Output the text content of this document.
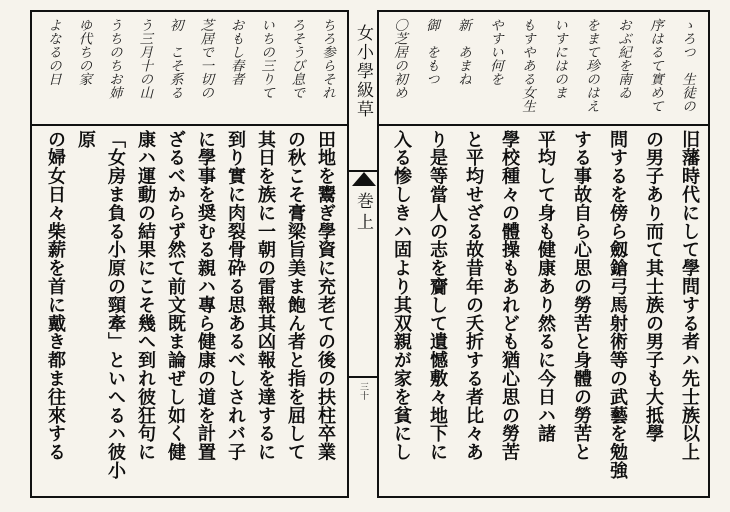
ゝろつ　生徒の
序はるて實めて
おぶ紀を南ゐ
をまて珍のはえ
いすにはのま
もすやある女生
やすい何を
新　あまね
御　をもつ
〇芝居の初め
ちろ参らそれ
ろそうび息で
いちの三りて
おもし春者
芝居で一切の
初　こそ系る
う三月十の山
うちのちお姉
ゆ代ちの家
よなるの日
旧藩時代にして學問する者ハ先士族以上
の男子あり而て其士族の男子も大抵學
問するを傍ら劔鎗弓馬射術等の武藝を勉強
する事故自ら心思の勞苦と身體の勞苦と
平均して身も健康あり然るに今日ハ諸
學校種々の體操もあれども猶心思の勞苦
と平均せざる故昔年の夭折する者比々あ
り是等當人の志を齎して遺憾敷々地下に
入る惨しきハ固より其双親が家を貧にし
田地を鬻ぎ學資に充老ての後の扶柱卒業
の秋こそ膏梁旨美ま飽ん者と指を屈して
其日を族に一朝の雷報其凶報を達するに
到り實に肉裂骨砕る思あるべしされバ子
に學事を奨むる親ハ專ら健康の道を計置
ざるべからず然て前文既ま論ぜし如く健
康ハ運動の結果にこそ幾へ到れ彼狂句に
「女房ま負る小原の頸牽」といへるハ彼小原
の婦女日々柴薪を首に戴き都ま往來する
女小學級草
巻上
三十
